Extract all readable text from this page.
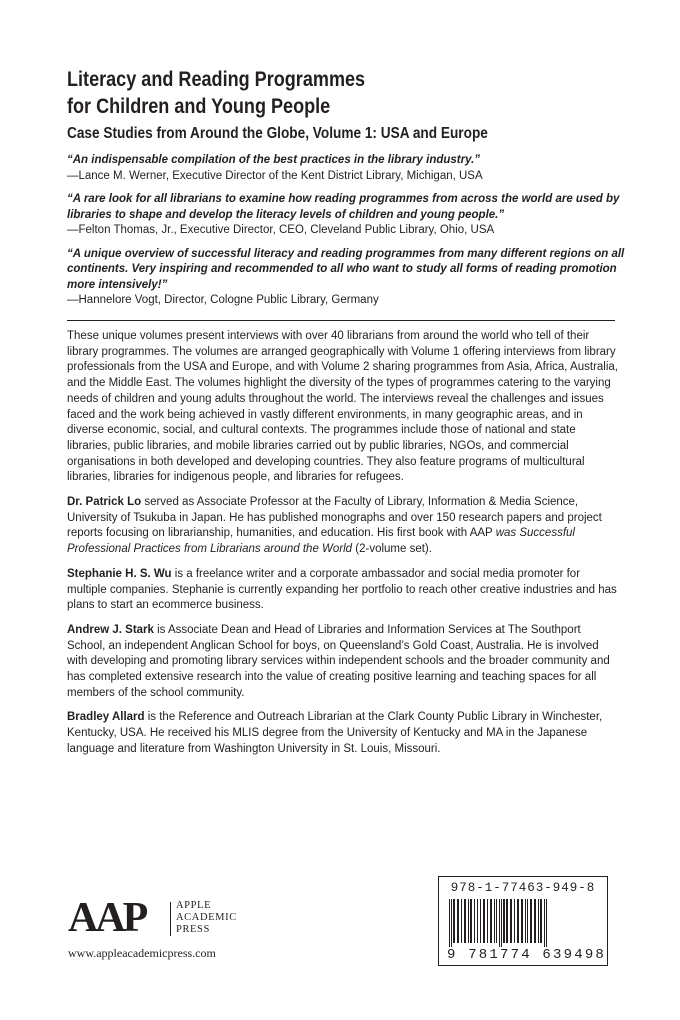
Literacy and Reading Programmes
for Children and Young People
Case Studies from Around the Globe, Volume 1: USA and Europe
“An indispensable compilation of the best practices in the library industry.”
—Lance M. Werner, Executive Director of the Kent District Library, Michigan, USA
“A rare look for all librarians to examine how reading programmes from across the world are used by libraries to shape and develop the literacy levels of children and young people.”
—Felton Thomas, Jr., Executive Director, CEO, Cleveland Public Library, Ohio, USA
“A unique overview of successful literacy and reading programmes from many different regions on all continents. Very inspiring and recommended to all who want to study all forms of reading promotion more intensively!”
—Hannelore Vogt, Director, Cologne Public Library, Germany

These unique volumes present interviews with over 40 librarians from around the world who tell of their library programmes. The volumes are arranged geographically with Volume 1 offering interviews from library professionals from the USA and Europe, and with Volume 2 sharing programmes from Asia, Africa, Australia, and the Middle East. The volumes highlight the diversity of the types of programmes catering to the varying needs of children and young adults throughout the world. The interviews reveal the challenges and issues faced and the work being achieved in vastly different environments, in many geographic areas, and in diverse economic, social, and cultural contexts. The programmes include those of national and state libraries, public libraries, and mobile libraries carried out by public libraries, NGOs, and commercial organisations in both developed and developing countries. They also feature programs of multicultural libraries, libraries for indigenous people, and libraries for refugees.

Dr. Patrick Lo served as Associate Professor at the Faculty of Library, Information & Media Science, University of Tsukuba in Japan. He has published monographs and over 150 research papers and project reports focusing on librarianship, humanities, and education. His first book with AAP was Successful Professional Practices from Librarians around the World (2-volume set).

Stephanie H. S. Wu is a freelance writer and a corporate ambassador and social media promoter for multiple companies. Stephanie is currently expanding her portfolio to reach other creative industries and has plans to start an ecommerce business.

Andrew J. Stark is Associate Dean and Head of Libraries and Information Services at The Southport School, an independent Anglican School for boys, on Queensland’s Gold Coast, Australia. He is involved with developing and promoting library services within independent schools and the broader community and has completed extensive research into the value of creating positive learning and teaching spaces for all members of the school community.

Bradley Allard is the Reference and Outreach Librarian at the Clark County Public Library in Winchester, Kentucky, USA. He received his MLIS degree from the University of Kentucky and MA in the Japanese language and literature from Washington University in St. Louis, Missouri.

AAP	APPLE
ACADEMIC
PRESS
www.appleacademicpress.com
978-1-77463-949-8
9 781774 639498
